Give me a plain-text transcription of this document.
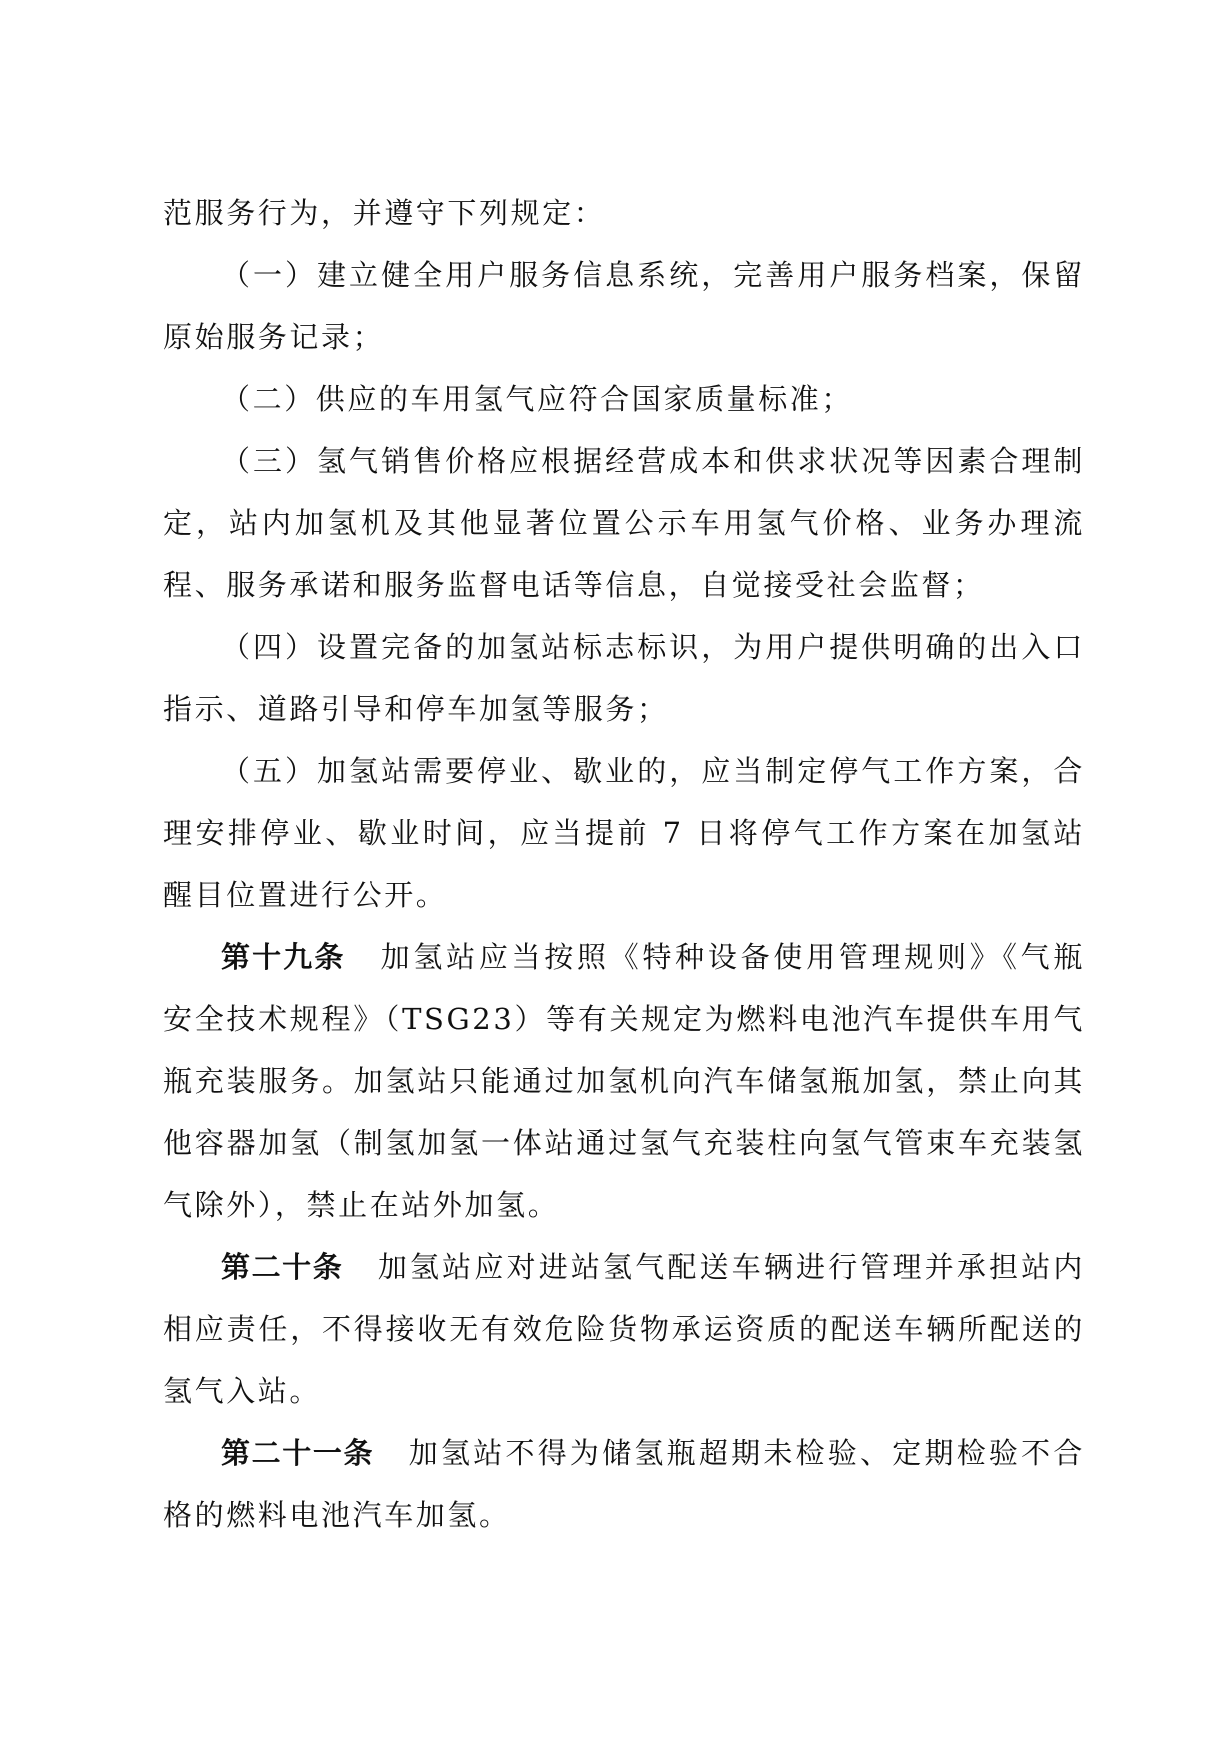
范服务行为，并遵守下列规定：

（一）建立健全用户服务信息系统，完善用户服务档案，保留原始服务记录；

（二）供应的车用氢气应符合国家质量标准；

（三）氢气销售价格应根据经营成本和供求状况等因素合理制定，站内加氢机及其他显著位置公示车用氢气价格、业务办理流程、服务承诺和服务监督电话等信息，自觉接受社会监督；

（四）设置完备的加氢站标志标识，为用户提供明确的出入口指示、道路引导和停车加氢等服务；

（五）加氢站需要停业、歇业的，应当制定停气工作方案，合理安排停业、歇业时间，应当提前 7 日将停气工作方案在加氢站醒目位置进行公开。

第十九条 加氢站应当按照《特种设备使用管理规则》《气瓶安全技术规程》（TSG23）等有关规定为燃料电池汽车提供车用气瓶充装服务。加氢站只能通过加氢机向汽车储氢瓶加氢，禁止向其他容器加氢（制氢加氢一体站通过氢气充装柱向氢气管束车充装氢气除外），禁止在站外加氢。

第二十条 加氢站应对进站氢气配送车辆进行管理并承担站内相应责任，不得接收无有效危险货物承运资质的配送车辆所配送的氢气入站。

第二十一条 加氢站不得为储氢瓶超期未检验、定期检验不合格的燃料电池汽车加氢。
